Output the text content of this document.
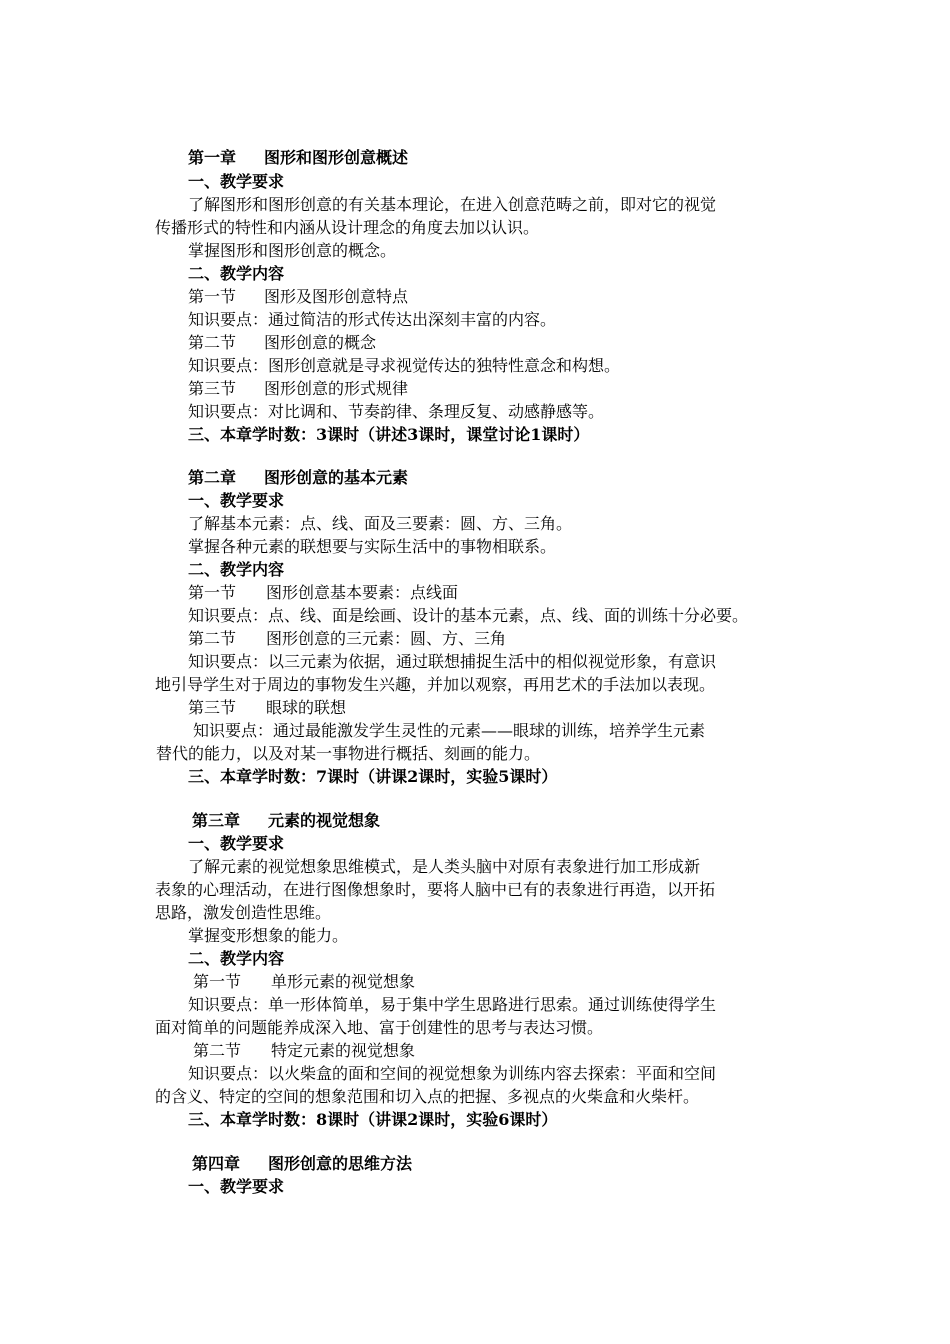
第一章 图形和图形创意概述
一、教学要求
了解图形和图形创意的有关基本理论，在进入创意范畴之前，即对它的视觉
传播形式的特性和内涵从设计理念的角度去加以认识。
掌握图形和图形创意的概念。
二、教学内容
第一节 图形及图形创意特点
知识要点：通过简洁的形式传达出深刻丰富的内容。
第二节 图形创意的概念
知识要点：图形创意就是寻求视觉传达的独特性意念和构想。
第三节 图形创意的形式规律
知识要点：对比调和、节奏韵律、条理反复、动感静感等。
三、本章学时数：3课时（讲述3课时，课堂讨论1课时）
第二章 图形创意的基本元素
一、教学要求
了解基本元素：点、线、面及三要素：圆、方、三角。
掌握各种元素的联想要与实际生活中的事物相联系。
二、教学内容
第一节 图形创意基本要素：点线面
知识要点：点、线、面是绘画、设计的基本元素，点、线、面的训练十分必要。
第二节 图形创意的三元素：圆、方、三角
知识要点：以三元素为依据，通过联想捕捉生活中的相似视觉形象，有意识
地引导学生对于周边的事物发生兴趣，并加以观察，再用艺术的手法加以表现。
第三节 眼球的联想
知识要点：通过最能激发学生灵性的元素——眼球的训练，培养学生元素
替代的能力，以及对某一事物进行概括、刻画的能力。
三、本章学时数：7课时（讲课2课时，实验5课时）
第三章 元素的视觉想象
一、教学要求
了解元素的视觉想象思维模式，是人类头脑中对原有表象进行加工形成新
表象的心理活动，在进行图像想象时，要将人脑中已有的表象进行再造，以开拓
思路，激发创造性思维。
掌握变形想象的能力。
二、教学内容
第一节 单形元素的视觉想象
知识要点：单一形体简单，易于集中学生思路进行思索。通过训练使得学生
面对简单的问题能养成深入地、富于创建性的思考与表达习惯。
第二节 特定元素的视觉想象
知识要点：以火柴盒的面和空间的视觉想象为训练内容去探索：平面和空间
的含义、特定的空间的想象范围和切入点的把握、多视点的火柴盒和火柴杆。
三、本章学时数：8课时（讲课2课时，实验6课时）
第四章 图形创意的思维方法
一、教学要求
